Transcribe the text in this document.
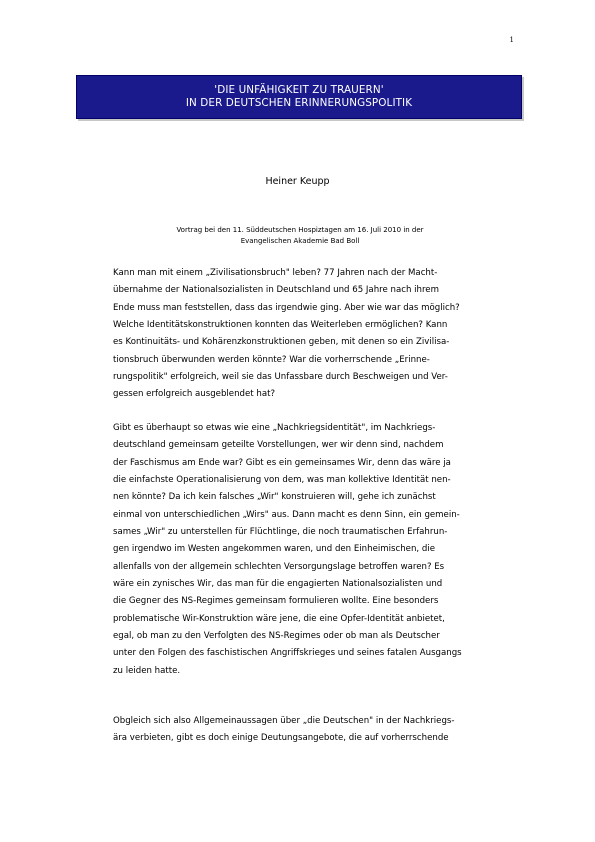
1
'DIE UNFÄHIGKEIT ZU TRAUERN'
IN DER DEUTSCHEN ERINNERUNGSPOLITIK
Heiner Keupp
Vortrag bei den 11. Süddeutschen Hospiztagen am 16. Juli 2010 in der
Evangelischen Akademie Bad Boll
Kann man mit einem „Zivilisationsbruch" leben? 77 Jahren nach der Macht-
übernahme der Nationalsozialisten in Deutschland und 65 Jahre nach ihrem
Ende muss man feststellen, dass das irgendwie ging. Aber wie war das möglich?
Welche Identitätskonstruktionen konnten das Weiterleben ermöglichen? Kann
es Kontinuitäts- und Kohärenzkonstruktionen geben, mit denen so ein Zivilisa-
tionsbruch überwunden werden könnte? War die vorherrschende „Erinne-
rungspolitik" erfolgreich, weil sie das Unfassbare durch Beschweigen und Ver-
gessen erfolgreich ausgeblendet hat?
Gibt es überhaupt so etwas wie eine „Nachkriegsidentität", im Nachkriegs-
deutschland gemeinsam geteilte Vorstellungen, wer wir denn sind, nachdem
der Faschismus am Ende war? Gibt es ein gemeinsames Wir, denn das wäre ja
die einfachste Operationalisierung von dem, was man kollektive Identität nen-
nen könnte? Da ich kein falsches „Wir" konstruieren will, gehe ich zunächst
einmal von unterschiedlichen „Wirs" aus. Dann macht es denn Sinn, ein gemein-
sames „Wir" zu unterstellen für Flüchtlinge, die noch traumatischen Erfahrun-
gen irgendwo im Westen angekommen waren, und den Einheimischen, die
allenfalls von der allgemein schlechten Versorgungslage betroffen waren? Es
wäre ein zynisches Wir, das man für die engagierten Nationalsozialisten und
die Gegner des NS-Regimes gemeinsam formulieren wollte. Eine besonders
problematische Wir-Konstruktion wäre jene, die eine Opfer-Identität anbietet,
egal, ob man zu den Verfolgten des NS-Regimes oder ob man als Deutscher
unter den Folgen des faschistischen Angriffskrieges und seines fatalen Ausgangs
zu leiden hatte.
Obgleich sich also Allgemeinaussagen über „die Deutschen" in der Nachkriegs-
ära verbieten, gibt es doch einige Deutungsangebote, die auf vorherrschende
